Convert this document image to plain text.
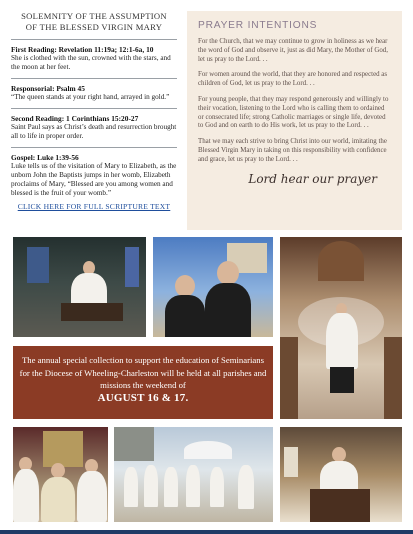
SOLEMNITY OF THE ASSUMPTION
OF THE BLESSED VIRGIN MARY
First Reading: Revelation 11:19a; 12:1-6a, 10
She is clothed with the sun, crowned with the stars, and the moon at her feet.
Responsorial: Psalm 45
“The queen stands at your right hand, arrayed in gold.”
Second Reading: 1 Corinthians 15:20-27
Saint Paul says as Christ’s death and resurrection brought all to life in proper order.
Gospel: Luke 1:39-56
Luke tells us of the visitation of Mary to Elizabeth, as the unborn John the Baptists jumps in her womb, Elizabeth proclaims of Mary, “Blessed are you among women and blessed is the fruit of your womb.”
CLICK HERE FOR FULL SCRIPTURE TEXT
PRAYER INTENTIONS
For the Church, that we may continue to grow in holiness as we hear the word of God and observe it, just as did Mary, the Mother of God, let us pray to the Lord. . .
For women around the world, that they are honored and respected as children of God, let us pray to the Lord. . .
For young people, that they may respond generously and willingly to their vocation, listening to the Lord who is calling them to ordained or consecrated life; strong Catholic marriages or single life, devoted to God and on earth to do His work, let us pray to the Lord. . .
That we may each strive to bring Christ into our world, imitating the Blessed Virgin Mary in taking on this responsibility with confidence and grace, let us pray to the Lord. . .
Lord hear our prayer
The annual special collection to support the education of Seminarians for the Diocese of Wheeling-Charleston will be held at all parishes and missions the weekend of
AUGUST 16 & 17.
